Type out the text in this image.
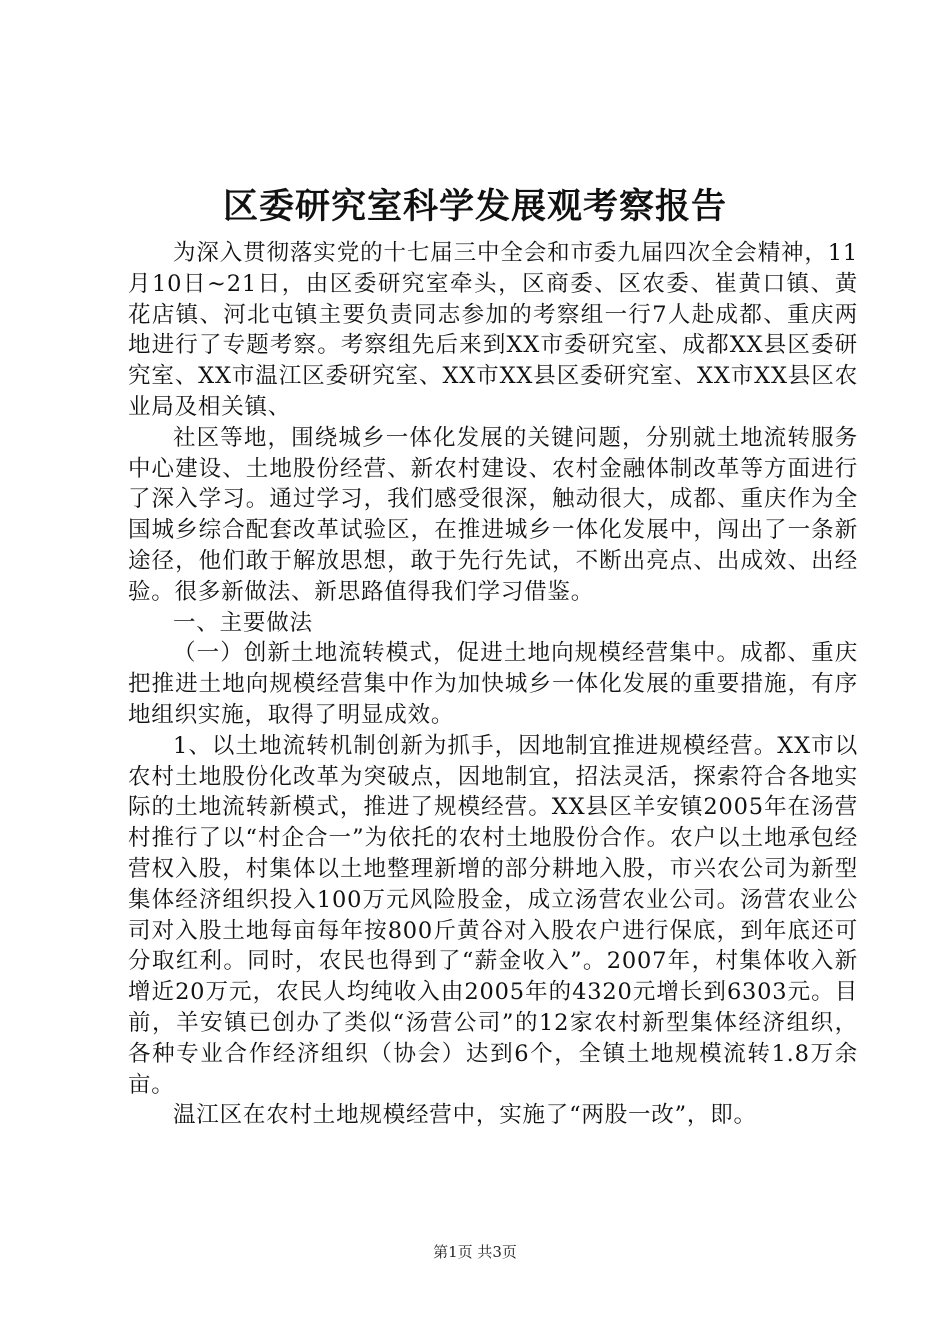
区委研究室科学发展观考察报告

为深入贯彻落实党的十七届三中全会和市委九届四次全会精神，11月10日~21日，由区委研究室牵头，区商委、区农委、崔黄口镇、黄花店镇、河北屯镇主要负责同志参加的考察组一行7人赴成都、重庆两地进行了专题考察。考察组先后来到XX市委研究室、成都XX县区委研究室、XX市温江区委研究室、XX市XX县区委研究室、XX市XX县区农业局及相关镇、

社区等地，围绕城乡一体化发展的关键问题，分别就土地流转服务中心建设、土地股份经营、新农村建设、农村金融体制改革等方面进行了深入学习。通过学习，我们感受很深，触动很大，成都、重庆作为全国城乡综合配套改革试验区，在推进城乡一体化发展中，闯出了一条新途径，他们敢于解放思想，敢于先行先试，不断出亮点、出成效、出经验。很多新做法、新思路值得我们学习借鉴。

一、主要做法

（一）创新土地流转模式，促进土地向规模经营集中。成都、重庆把推进土地向规模经营集中作为加快城乡一体化发展的重要措施，有序地组织实施，取得了明显成效。

1、以土地流转机制创新为抓手，因地制宜推进规模经营。XX市以农村土地股份化改革为突破点，因地制宜，招法灵活，探索符合各地实际的土地流转新模式，推进了规模经营。XX县区羊安镇2005年在汤营村推行了以“村企合一”为依托的农村土地股份合作。农户以土地承包经营权入股，村集体以土地整理新增的部分耕地入股，市兴农公司为新型集体经济组织投入100万元风险股金，成立汤营农业公司。汤营农业公司对入股土地每亩每年按800斤黄谷对入股农户进行保底，到年底还可分取红利。同时，农民也得到了“薪金收入”。2007年，村集体收入新增近20万元，农民人均纯收入由2005年的4320元增长到6303元。目前，羊安镇已创办了类似“汤营公司”的12家农村新型集体经济组织，各种专业合作经济组织（协会）达到6个，全镇土地规模流转1.8万余亩。

温江区在农村土地规模经营中，实施了“两股一改”，即。

第1页 共3页
